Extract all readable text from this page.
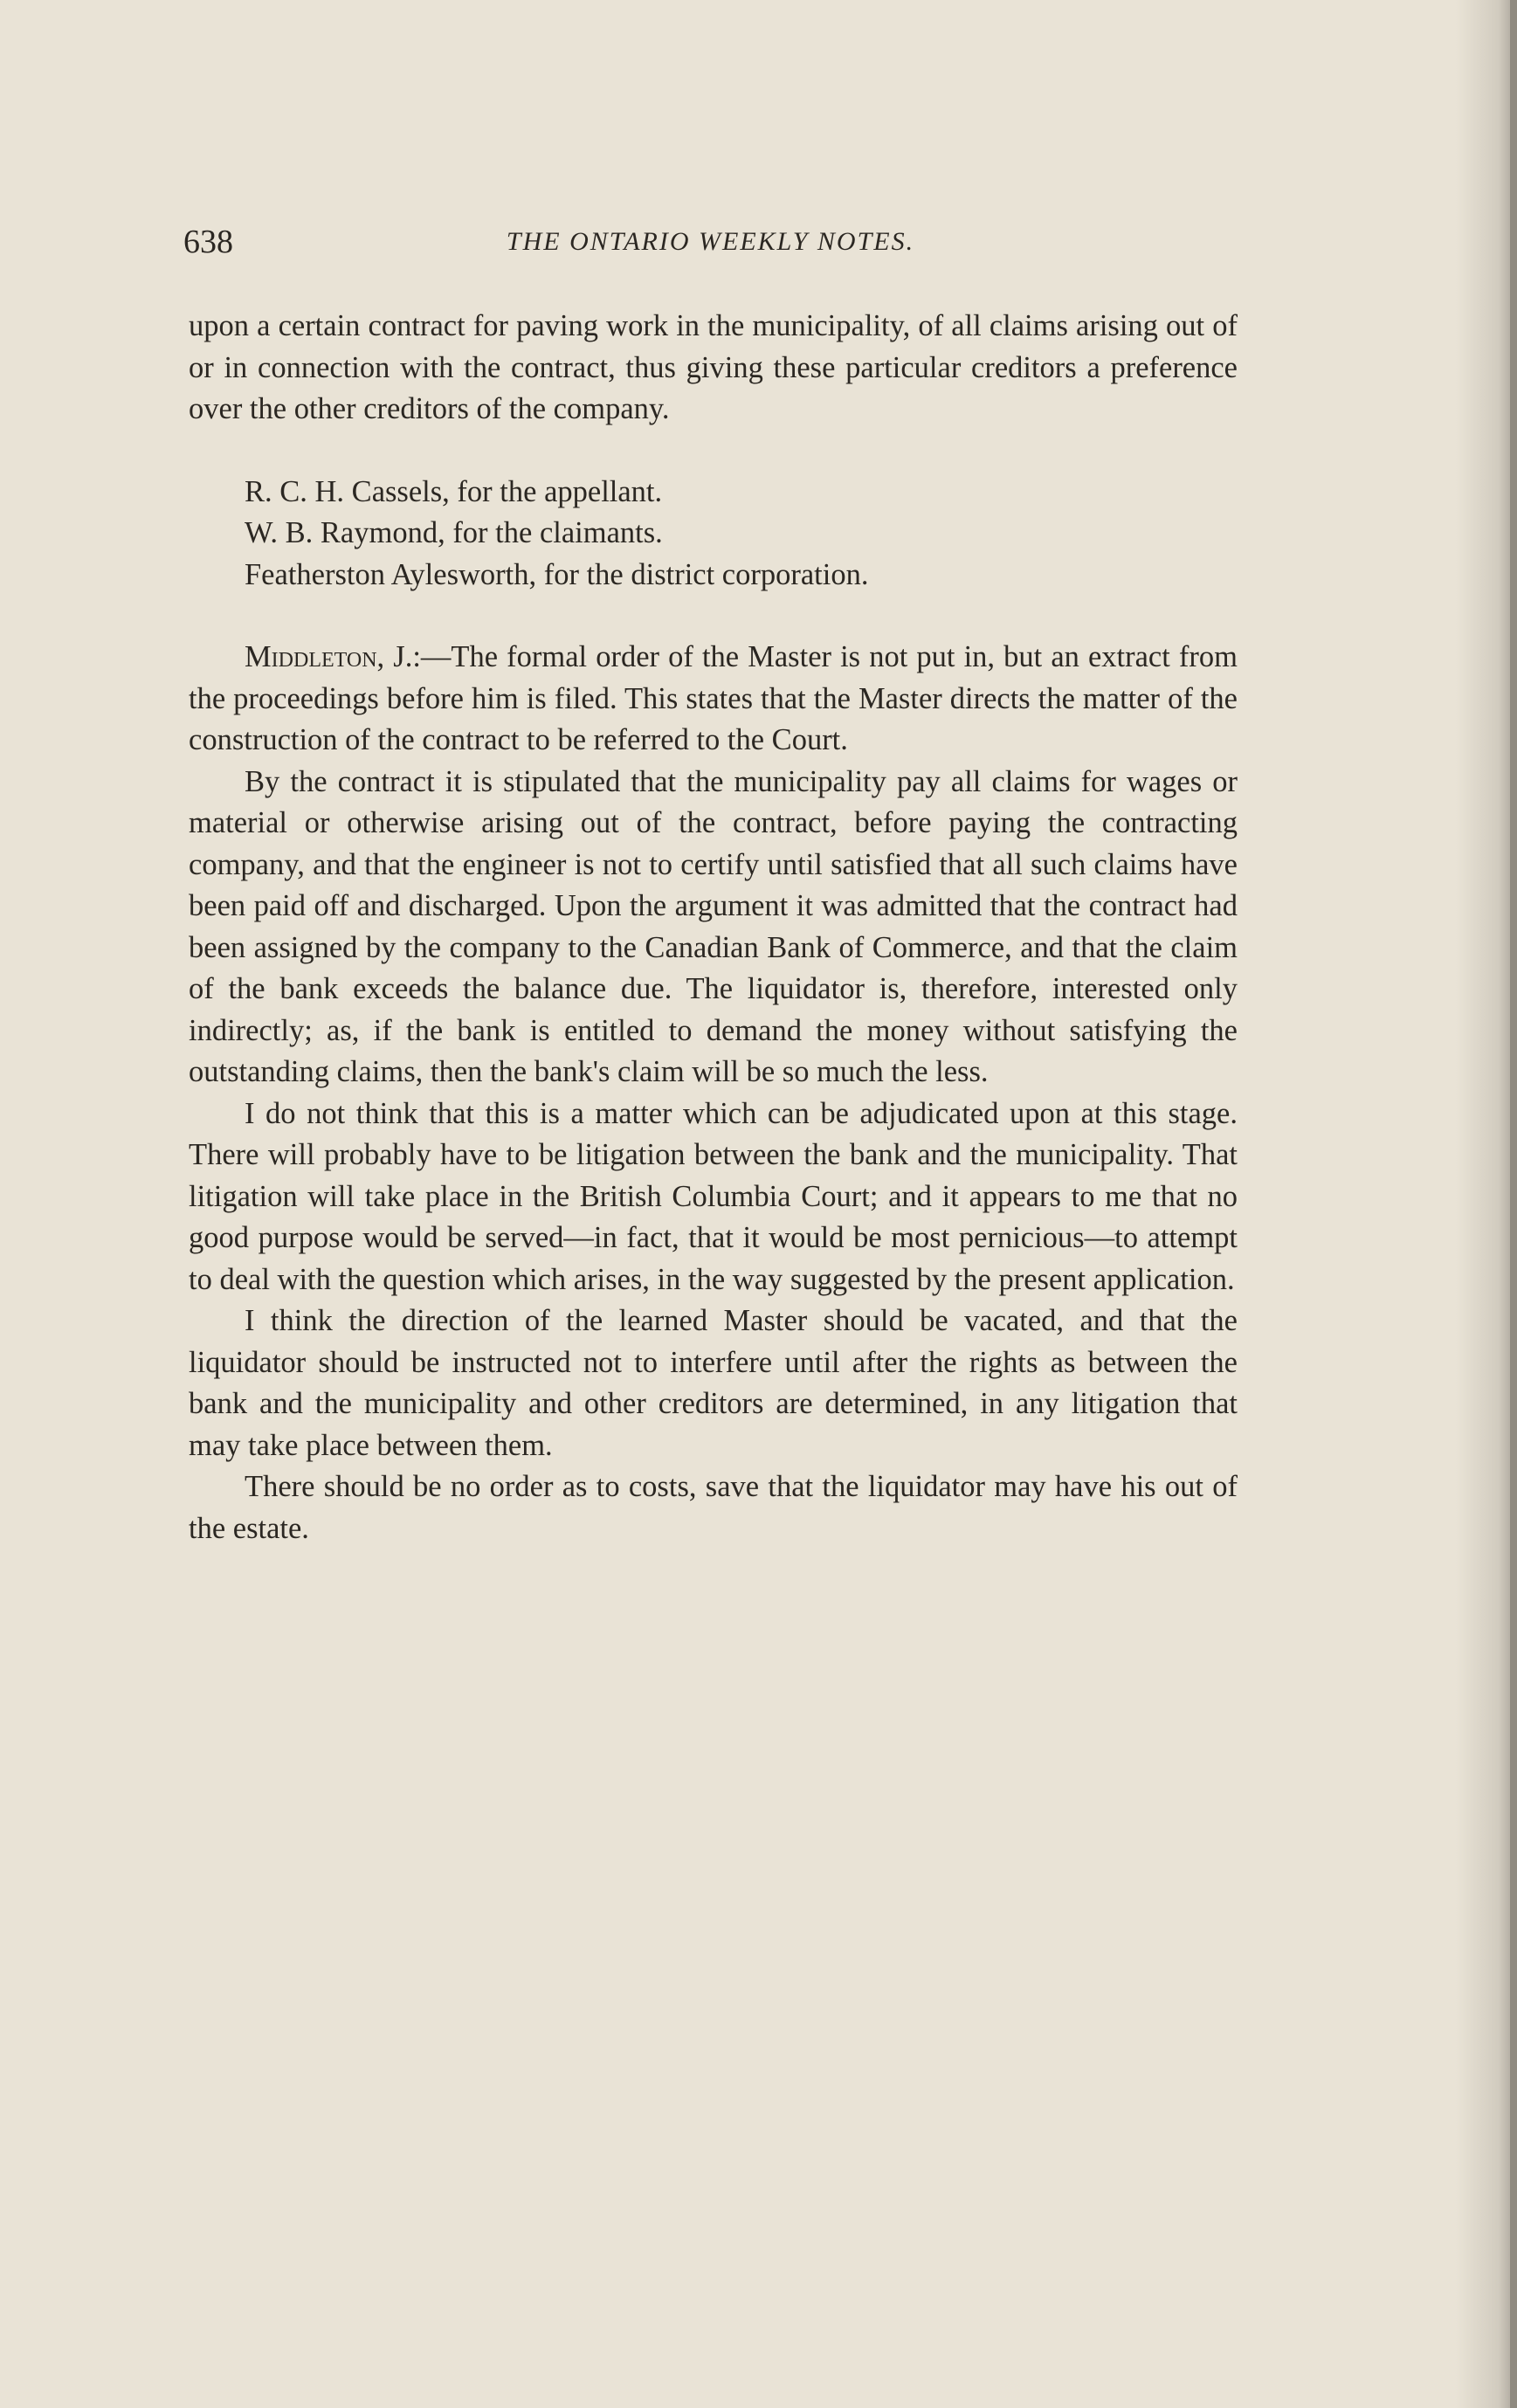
638	THE ONTARIO WEEKLY NOTES.

upon a certain contract for paving work in the municipality, of all claims arising out of or in connection with the contract, thus giving these particular creditors a preference over the other creditors of the company.

R. C. H. Cassels, for the appellant.

W. B. Raymond, for the claimants.

Featherston Aylesworth, for the district corporation.

Middleton, J.:—The formal order of the Master is not put in, but an extract from the proceedings before him is filed. This states that the Master directs the matter of the construction of the contract to be referred to the Court.

By the contract it is stipulated that the municipality pay all claims for wages or material or otherwise arising out of the contract, before paying the contracting company, and that the engineer is not to certify until satisfied that all such claims have been paid off and discharged. Upon the argument it was admitted that the contract had been assigned by the company to the Canadian Bank of Commerce, and that the claim of the bank exceeds the balance due. The liquidator is, therefore, interested only indirectly; as, if the bank is entitled to demand the money without satisfying the outstanding claims, then the bank's claim will be so much the less.

I do not think that this is a matter which can be adjudicated upon at this stage. There will probably have to be litigation between the bank and the municipality. That litigation will take place in the British Columbia Court; and it appears to me that no good purpose would be served—in fact, that it would be most pernicious—to attempt to deal with the question which arises, in the way suggested by the present application.

I think the direction of the learned Master should be vacated, and that the liquidator should be instructed not to interfere until after the rights as between the bank and the municipality and other creditors are determined, in any litigation that may take place between them.

There should be no order as to costs, save that the liquidator may have his out of the estate.
